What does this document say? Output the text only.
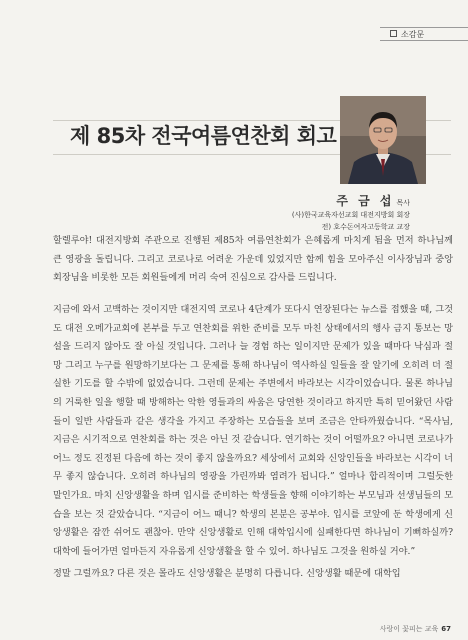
소감문
제 85차 전국여름연찬회 회고
주 금 섭 목사
(사)한국교육자선교회 대전지방회 회장
전) 호수돈여자고등학교 교장

할렐루야! 대전지방회 주관으로 진행된 제85차 여름연찬회가 은혜롭게 마치게 됨을 먼저 하나님께 큰 영광을 돌립니다. 그리고 코로나로 어려운 가운데 있었지만 함께 힘을 모아주신 이사장님과 중앙회장님을 비롯한 모든 회원들에게 머리 숙여 진심으로 감사를 드립니다.

지금에 와서 고백하는 것이지만 대전지역 코로나 4단계가 또다시 연장된다는 뉴스를 접했을 때, 그것도 대전 오메가교회에 본부를 두고 연찬회를 위한 준비를 모두 마친 상태에서의 행사 금지 통보는 망설을 드리지 않아도 잘 아실 것입니다. 그러나 늘 경험 하는 일이지만 문제가 있을 때마다 낙심과 절망 그리고 누구를 원망하기보다는 그 문제를 통해 하나님이 역사하실 일들을 잘 알기에 오히려 더 절실한 기도를 할 수밖에 없었습니다. 그런데 문제는 주변에서 바라보는 시각이었습니다. 물론 하나님의 거룩한 일을 행할 때 방해하는 악한 영들과의 싸움은 당연한 것이라고 하지만 특히 믿어왔던 사람들이 일반 사람들과 같은 생각을 가지고 주장하는 모습들을 보며 조금은 안타까웠습니다. “목사님, 지금은 시기적으로 연찬회를 하는 것은 아닌 것 같습니다. 연기하는 것이 어떨까요? 아니면 코로나가 어느 정도 진정된 다음에 하는 것이 좋지 않을까요? 세상에서 교회와 신앙인들을 바라보는 시각이 너무 좋지 않습니다. 오히려 하나님의 영광을 가린까봐 염려가 됩니다.” 얼마나 합리적이며 그럴듯한 말인가요. 마치 신앙생활을 하며 입시를 준비하는 학생들을 향해 이야기하는 부모님과 선생님들의 모습을 보는 것 같았습니다. “지금이 어느 때니? 학생의 본분은 공부야. 입시를 코앞에 둔 학생에게 신앙생활은 잠깐 쉬어도 괜찮아. 만약 신앙생활로 인해 대학입시에 실패한다면 하나님이 기뻐하실까? 대학에 들어가면 얼마든지 자유롭게 신앙생활을 할 수 있어. 하나님도 그것을 원하실 거야.”

정말 그럴까요? 다른 것은 몰라도 신앙생활은 분명히 다릅니다. 신앙생활 때문에 대학입

사랑이 꽃피는 교육 67
